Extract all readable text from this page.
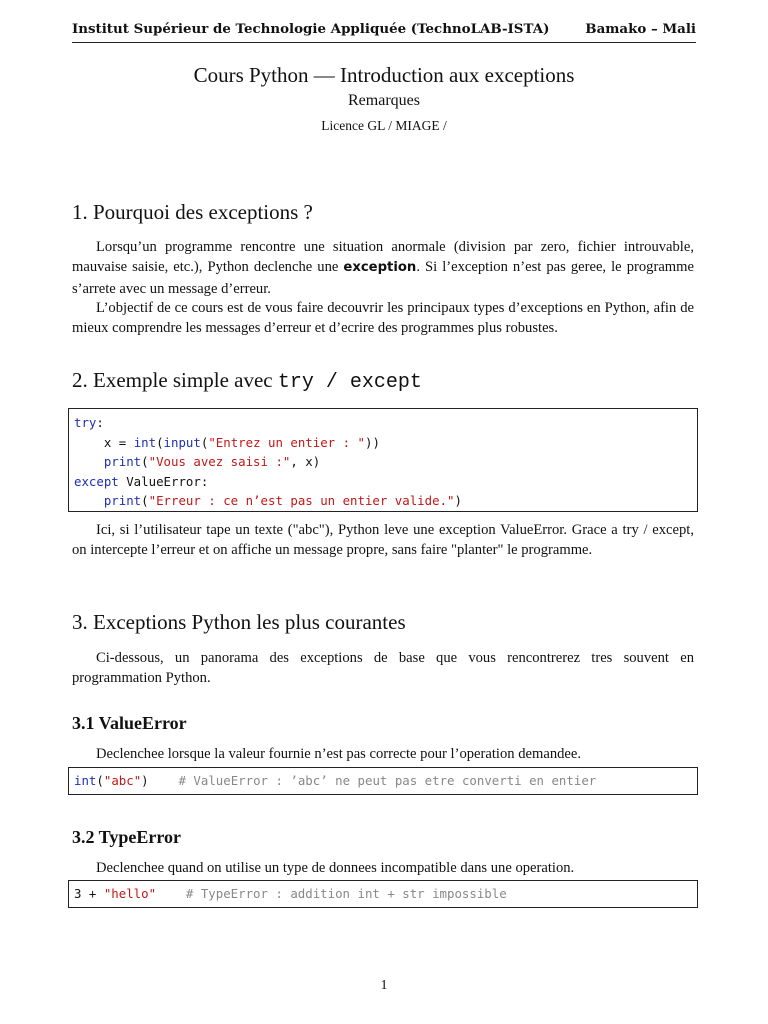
Institut Supérieur de Technologie Appliquée (TechnoLAB-ISTA)	Bamako – Mali
Cours Python — Introduction aux exceptions
Remarques
Licence GL / MIAGE /
1. Pourquoi des exceptions ?

Lorsqu’un programme rencontre une situation anormale (division par zero, fichier introuvable, mauvaise saisie, etc.), Python declenche une exception. Si l’exception n’est pas geree, le programme s’arrete avec un message d’erreur.

L’objectif de ce cours est de vous faire decouvrir les principaux types d’exceptions en Python, afin de mieux comprendre les messages d’erreur et d’ecrire des programmes plus robustes.

2. Exemple simple avec try / except
try:
x = int(input("Entrez un entier : "))
print("Vous avez saisi :", x)
except ValueError:
print("Erreur : ce n’est pas un entier valide.")

Ici, si l’utilisateur tape un texte ("abc"), Python leve une exception ValueError. Grace a try / except, on intercepte l’erreur et on affiche un message propre, sans faire "planter" le programme.

3. Exceptions Python les plus courantes

Ci-dessous, un panorama des exceptions de base que vous rencontrerez tres souvent en programmation Python.

3.1 ValueError

Declenchee lorsque la valeur fournie n’est pas correcte pour l’operation demandee.

int("abc") # ValueError : ’abc’ ne peut pas etre converti en entier
3.2 TypeError

Declenchee quand on utilise un type de donnees incompatible dans une operation.

3 + "hello" # TypeError : addition int + str impossible
1
